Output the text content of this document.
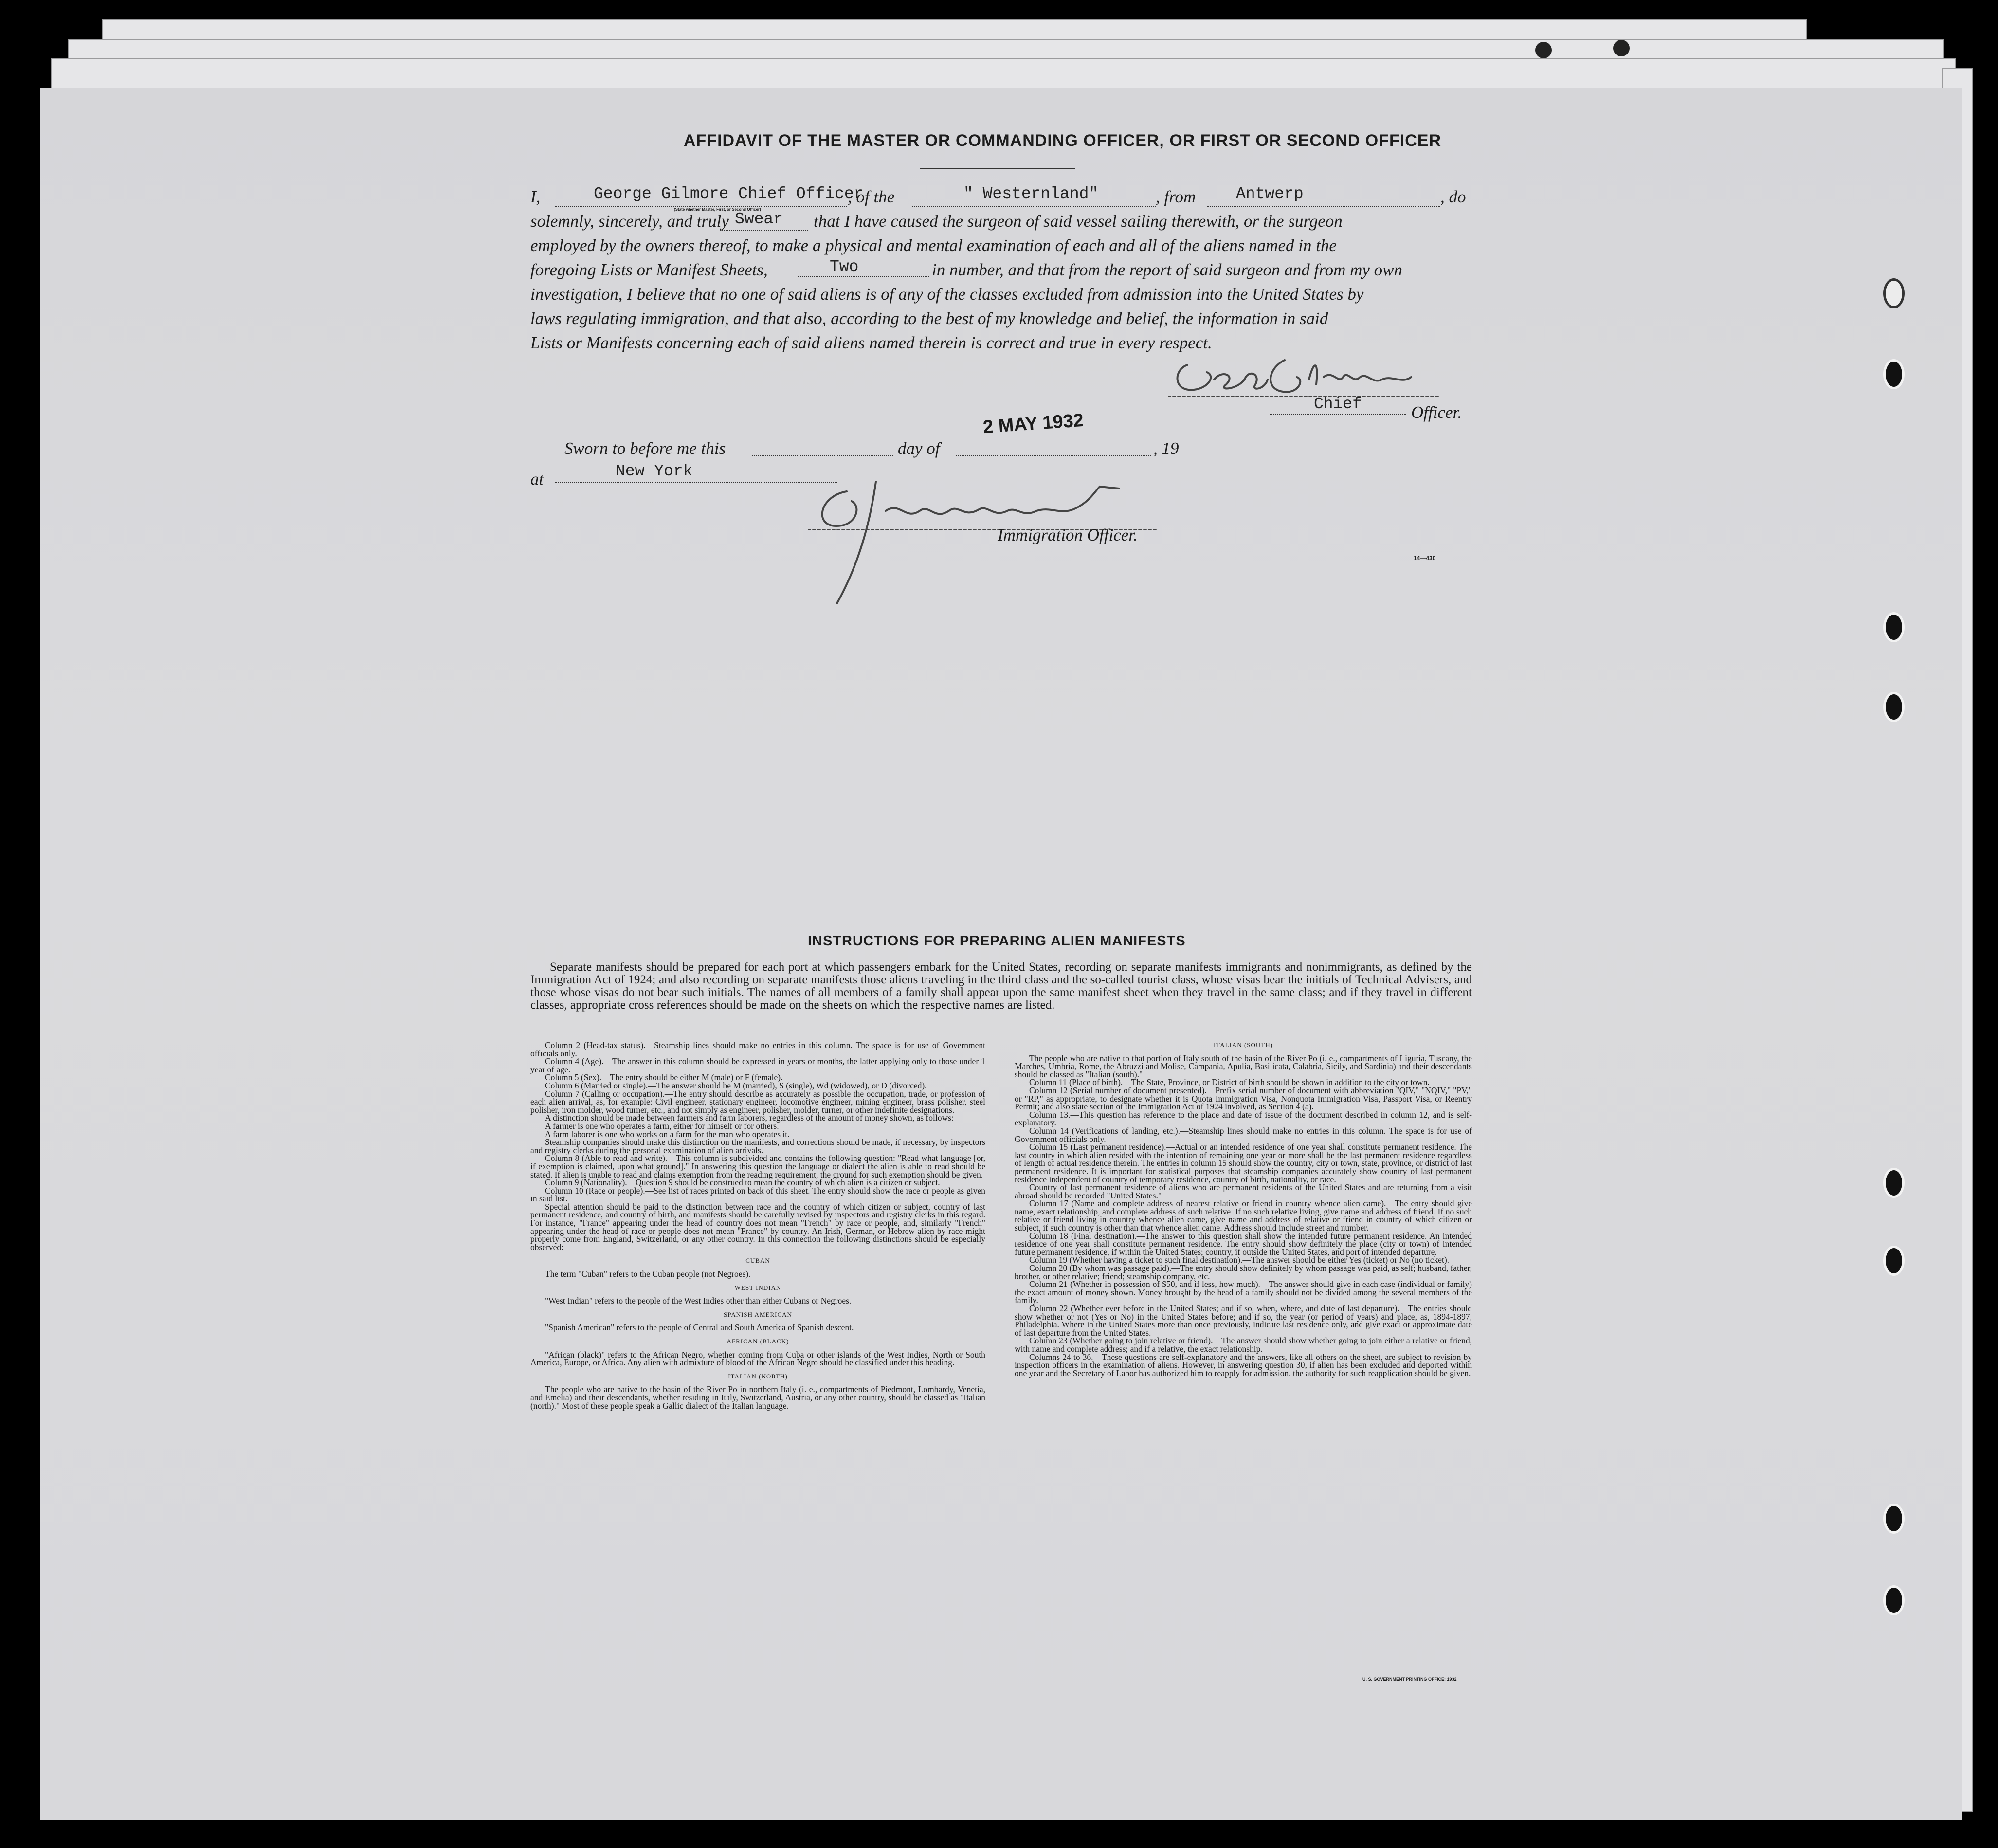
AFFIDAVIT OF THE MASTER OR COMMANDING OFFICER, OR FIRST OR SECOND OFFICER
I,	George Gilmore Chief Officer
, of the	" Westernland"	, from	Antwerp	, do
(State whether Master, First, or Second Officer)
solemnly, sincerely, and truly Swear that I have caused the surgeon of said vessel sailing therewith, or the surgeon
employed by the owners thereof, to make a physical and mental examination of each and all of the aliens named in the
foregoing Lists or Manifest Sheets,	Two	in number, and that from the report of said surgeon and from my own
investigation, I believe that no one of said aliens is of any of the classes excluded from admission into the United States by
laws regulating immigration, and that also, according to the best of my knowledge and belief, the information in said
Lists or Manifests concerning each of said aliens named therein is correct and true in every respect.
Chief	Officer.
Sworn to before me this	day of
2 MAY 1932
, 19
at	New York
Immigration Officer.
14—430
INSTRUCTIONS FOR PREPARING ALIEN MANIFESTS
Separate manifests should be prepared for each port at which passengers embark for the United States, recording on separate manifests immigrants and nonimmigrants, as defined by the Immigration Act of 1924; and also recording on separate manifests those aliens traveling in the third class and the so-called tourist class, whose visas bear the initials of Technical Advisers, and those whose visas do not bear such initials. The names of all members of a family shall appear upon the same manifest sheet when they travel in the same class; and if they travel in different classes, appropriate cross references should be made on the sheets on which the respective names are listed.

Column 2 (Head-tax status).—Steamship lines should make no entries in this column. The space is for use of Government officials only.

Column 4 (Age).—The answer in this column should be expressed in years or months, the latter applying only to those under 1 year of age.

Column 5 (Sex).—The entry should be either M (male) or F (female).

Column 6 (Married or single).—The answer should be M (married), S (single), Wd (widowed), or D (divorced).

Column 7 (Calling or occupation).—The entry should describe as accurately as possible the occupation, trade, or profession of each alien arrival, as, for example: Civil engineer, stationary engineer, locomotive engineer, mining engineer, brass polisher, steel polisher, iron molder, wood turner, etc., and not simply as engineer, polisher, molder, turner, or other indefinite designations.

A distinction should be made between farmers and farm laborers, regardless of the amount of money shown, as follows:

A farmer is one who operates a farm, either for himself or for others.

A farm laborer is one who works on a farm for the man who operates it.

Steamship companies should make this distinction on the manifests, and corrections should be made, if necessary, by inspectors and registry clerks during the personal examination of alien arrivals.

Column 8 (Able to read and write).—This column is subdivided and contains the following question: "Read what language [or, if exemption is claimed, upon what ground]." In answering this question the language or dialect the alien is able to read should be stated. If alien is unable to read and claims exemption from the reading requirement, the ground for such exemption should be given.

Column 9 (Nationality).—Question 9 should be construed to mean the country of which alien is a citizen or subject.

Column 10 (Race or people).—See list of races printed on back of this sheet. The entry should show the race or people as given in said list.

Special attention should be paid to the distinction between race and the country of which citizen or subject, country of last permanent residence, and country of birth, and manifests should be carefully revised by inspectors and registry clerks in this regard. For instance, "France" appearing under the head of country does not mean "French" by race or people, and, similarly "French" appearing under the head of race or people does not mean "France" by country. An Irish, German, or Hebrew alien by race might properly come from England, Switzerland, or any other country. In this connection the following distinctions should be especially observed:

CUBAN

The term "Cuban" refers to the Cuban people (not Negroes).

WEST INDIAN

"West Indian" refers to the people of the West Indies other than either Cubans or Negroes.

SPANISH AMERICAN

"Spanish American" refers to the people of Central and South America of Spanish descent.

AFRICAN (BLACK)

"African (black)" refers to the African Negro, whether coming from Cuba or other islands of the West Indies, North or South America, Europe, or Africa. Any alien with admixture of blood of the African Negro should be classified under this heading.

ITALIAN (NORTH)

The people who are native to the basin of the River Po in northern Italy (i. e., compartments of Piedmont, Lombardy, Venetia, and Emelia) and their descendants, whether residing in Italy, Switzerland, Austria, or any other country, should be classed as "Italian (north)." Most of these people speak a Gallic dialect of the Italian language.

ITALIAN (SOUTH)

The people who are native to that portion of Italy south of the basin of the River Po (i. e., compartments of Liguria, Tuscany, the Marches, Umbria, Rome, the Abruzzi and Molise, Campania, Apulia, Basilicata, Calabria, Sicily, and Sardinia) and their descendants should be classed as "Italian (south)."

Column 11 (Place of birth).—The State, Province, or District of birth should be shown in addition to the city or town.

Column 12 (Serial number of document presented).—Prefix serial number of document with abbreviation "QIV," "NQIV," "PV," or "RP," as appropriate, to designate whether it is Quota Immigration Visa, Nonquota Immigration Visa, Passport Visa, or Reentry Permit; and also state section of the Immigration Act of 1924 involved, as Section 4 (a).

Column 13.—This question has reference to the place and date of issue of the document described in column 12, and is self-explanatory.

Column 14 (Verifications of landing, etc.).—Steamship lines should make no entries in this column. The space is for use of Government officials only.

Column 15 (Last permanent residence).—Actual or an intended residence of one year shall constitute permanent residence. The last country in which alien resided with the intention of remaining one year or more shall be the last permanent residence regardless of length of actual residence therein. The entries in column 15 should show the country, city or town, state, province, or district of last permanent residence. It is important for statistical purposes that steamship companies accurately show country of last permanent residence independent of country of temporary residence, country of birth, nationality, or race.

Country of last permanent residence of aliens who are permanent residents of the United States and are returning from a visit abroad should be recorded "United States."

Column 17 (Name and complete address of nearest relative or friend in country whence alien came).—The entry should give name, exact relationship, and complete address of such relative. If no such relative living, give name and address of friend. If no such relative or friend living in country whence alien came, give name and address of relative or friend in country of which citizen or subject, if such country is other than that whence alien came. Address should include street and number.

Column 18 (Final destination).—The answer to this question shall show the intended future permanent residence. An intended residence of one year shall constitute permanent residence. The entry should show definitely the place (city or town) of intended future permanent residence, if within the United States; country, if outside the United States, and port of intended departure.

Column 19 (Whether having a ticket to such final destination).—The answer should be either Yes (ticket) or No (no ticket).

Column 20 (By whom was passage paid).—The entry should show definitely by whom passage was paid, as self; husband, father, brother, or other relative; friend; steamship company, etc.

Column 21 (Whether in possession of $50, and if less, how much).—The answer should give in each case (individual or family) the exact amount of money shown. Money brought by the head of a family should not be divided among the several members of the family.

Column 22 (Whether ever before in the United States; and if so, when, where, and date of last departure).—The entries should show whether or not (Yes or No) in the United States before; and if so, the year (or period of years) and place, as, 1894-1897, Philadelphia. Where in the United States more than once previously, indicate last residence only, and give exact or approximate date of last departure from the United States.

Column 23 (Whether going to join relative or friend).—The answer should show whether going to join either a relative or friend, with name and complete address; and if a relative, the exact relationship.

Columns 24 to 36.—These questions are self-explanatory and the answers, like all others on the sheet, are subject to revision by inspection officers in the examination of aliens. However, in answering question 30, if alien has been excluded and deported within one year and the Secretary of Labor has authorized him to reapply for admission, the authority for such reapplication should be given.

U. S. GOVERNMENT PRINTING OFFICE: 1932
